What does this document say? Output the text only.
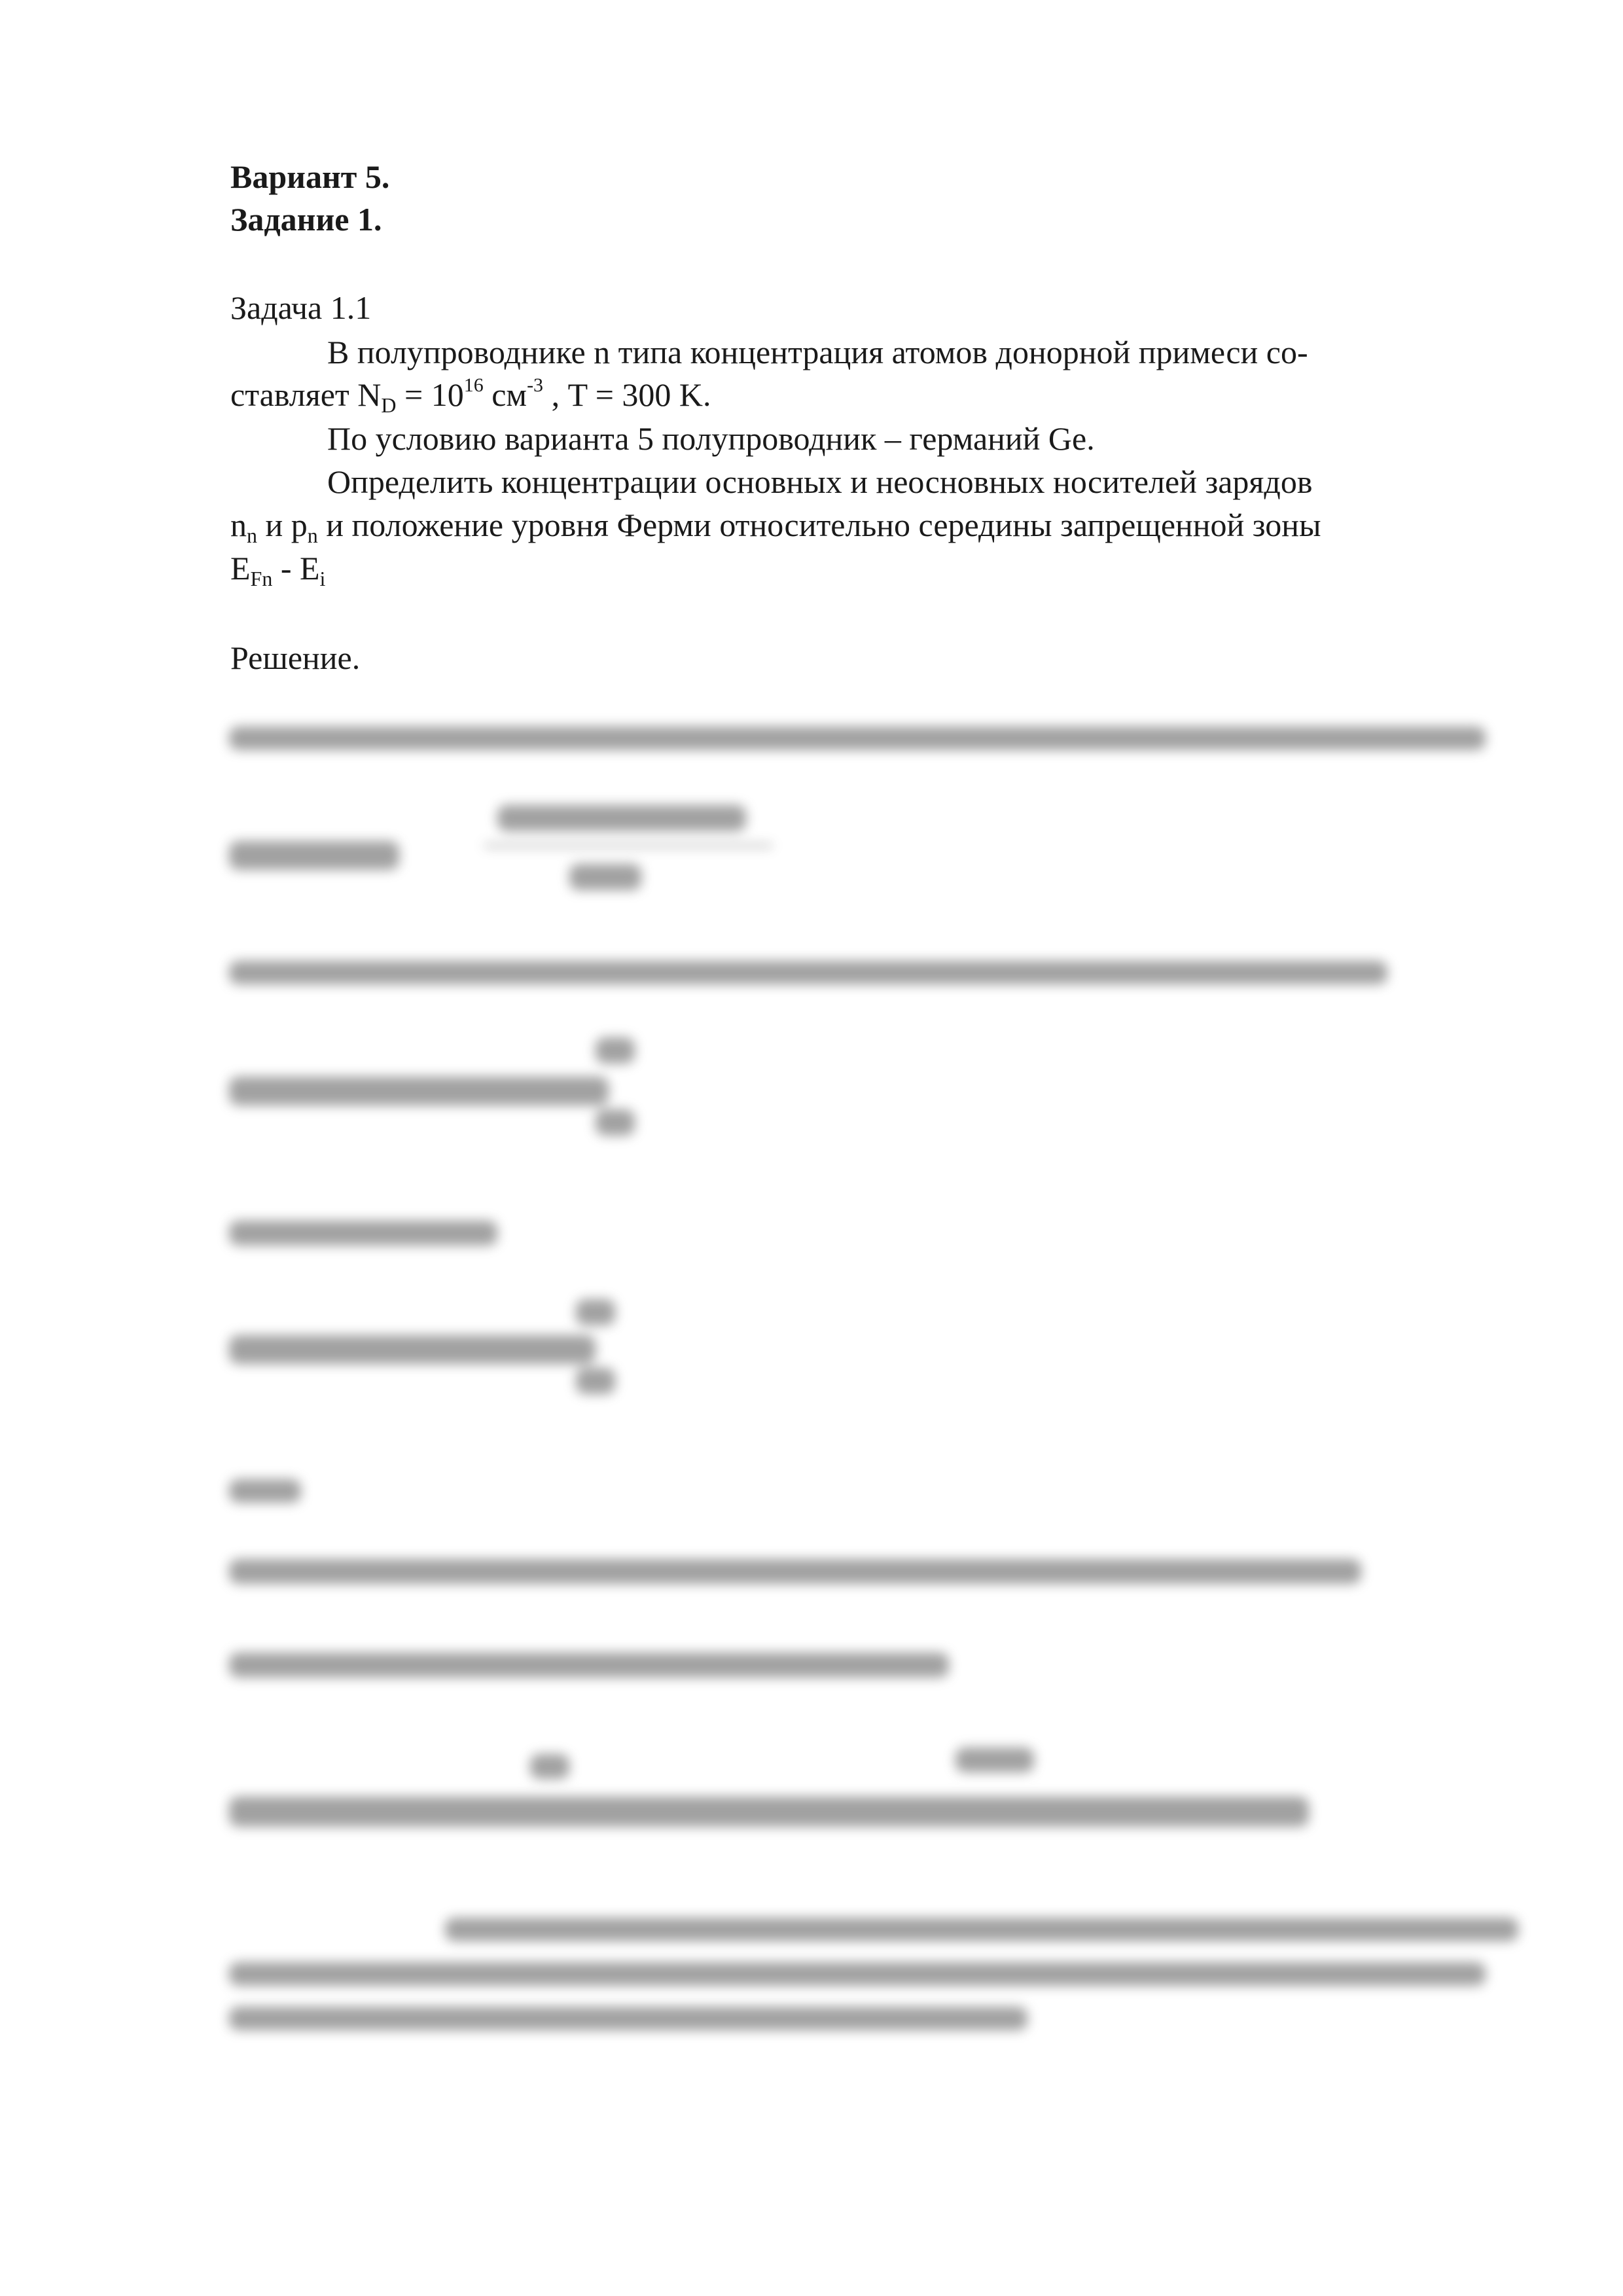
Вариант 5.
Задание 1.

Задача 1.1

В полупроводнике n типа концентрация атомов донорной примеси со-

ставляет $N_D = 10^{16}$ $см^{-3}$ , T = 300 K.

По условию варианта 5 полупроводник – германий Ge.

Определить концентрации основных и неосновных носителей зарядов

$n_n$ и $p_n$ и положение уровня Ферми относительно середины запрещенной зоны

$E_{Fn} - E_i$

Решение.
